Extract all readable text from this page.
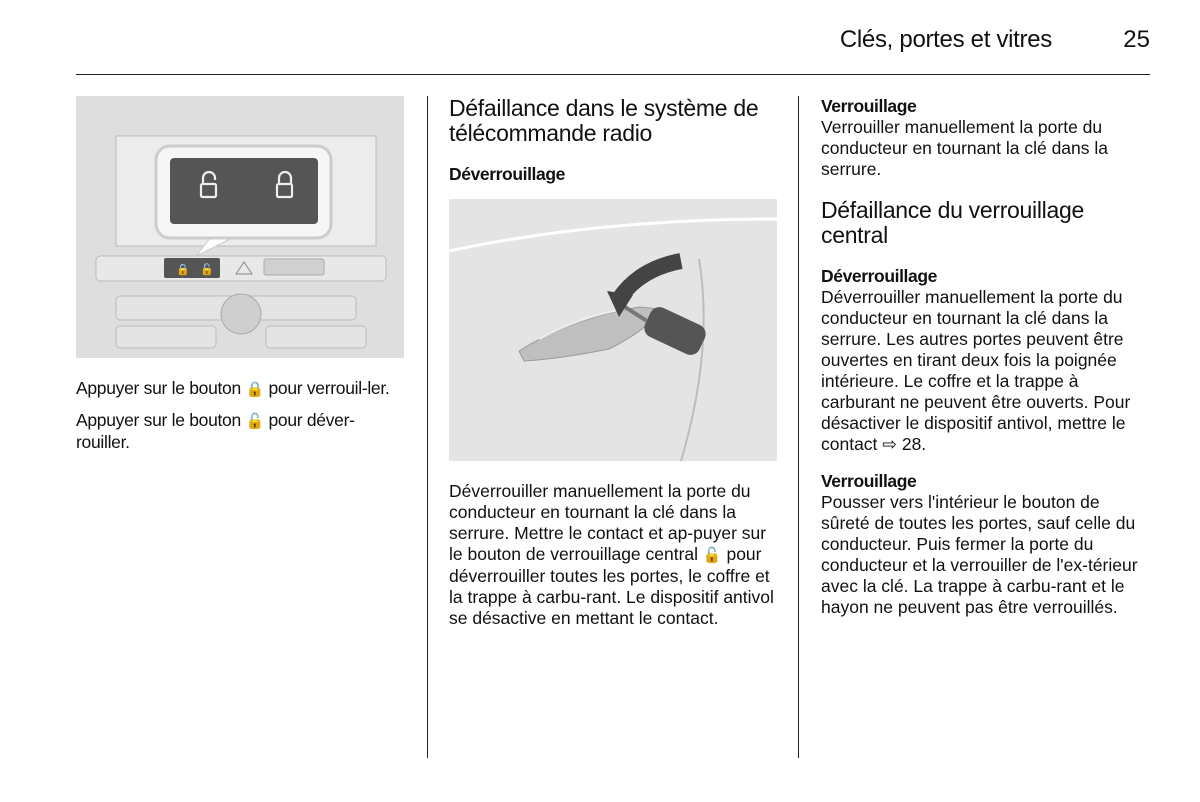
Clés, portes et vitres	25
🔒 🔓

Appuyer sur le bouton 🔒 pour verrouil-ler.

Appuyer sur le bouton 🔓 pour déver-rouiller.

Défaillance dans le système de télécommande radio
Déverrouillage

Déverrouiller manuellement la porte du conducteur en tournant la clé dans la serrure. Mettre le contact et ap-puyer sur le bouton de verrouillage central 🔓 pour déverrouiller toutes les portes, le coffre et la trappe à carbu-rant. Le dispositif antivol se désactive en mettant le contact.

Verrouillage

Verrouiller manuellement la porte du conducteur en tournant la clé dans la serrure.

Défaillance du verrouillage central
Déverrouillage

Déverrouiller manuellement la porte du conducteur en tournant la clé dans la serrure. Les autres portes peuvent être ouvertes en tirant deux fois la poignée intérieure. Le coffre et la trappe à carburant ne peuvent être ouverts. Pour désactiver le dispositif antivol, mettre le contact ⇨ 28.

Verrouillage

Pousser vers l'intérieur le bouton de sûreté de toutes les portes, sauf celle du conducteur. Puis fermer la porte du conducteur et la verrouiller de l'ex-térieur avec la clé. La trappe à carbu-rant et le hayon ne peuvent pas être verrouillés.
